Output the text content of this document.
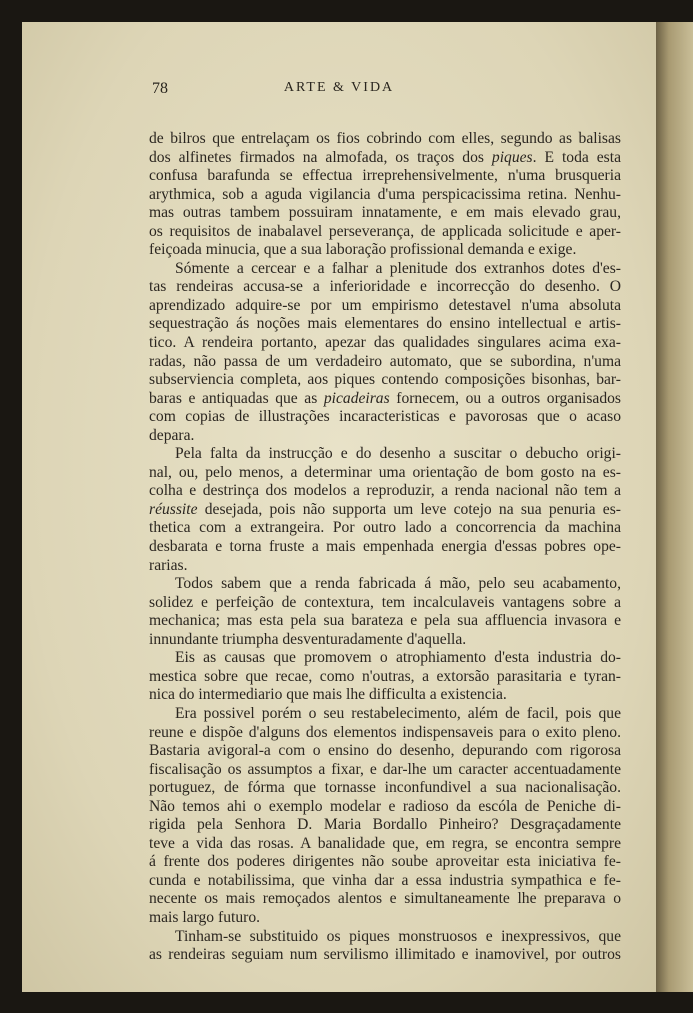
78	ARTE & VIDA
de bilros que entrelaçam os fios cobrindo com elles, segundo as balisas
dos alfinetes firmados na almofada, os traços dos piques. E toda esta
confusa barafunda se effectua irreprehensivelmente, n'uma brusqueria
arythmica, sob a aguda vigilancia d'uma perspicacissima retina. Nenhu-
mas outras tambem possuiram innatamente, e em mais elevado grau,
os requisitos de inabalavel perseverança, de applicada solicitude e aper-
feiçoada minucia, que a sua laboração profissional demanda e exige.
Sómente a cercear e a falhar a plenitude dos extranhos dotes d'es-
tas rendeiras accusa-se a inferioridade e incorrecção do desenho. O
aprendizado adquire-se por um empirismo detestavel n'uma absoluta
sequestração ás noções mais elementares do ensino intellectual e artis-
tico. A rendeira portanto, apezar das qualidades singulares acima exa-
radas, não passa de um verdadeiro automato, que se subordina, n'uma
subserviencia completa, aos piques contendo composições bisonhas, bar-
baras e antiquadas que as picadeiras fornecem, ou a outros organisados
com copias de illustrações incaracteristicas e pavorosas que o acaso
depara.
Pela falta da instrucção e do desenho a suscitar o debucho origi-
nal, ou, pelo menos, a determinar uma orientação de bom gosto na es-
colha e destrinça dos modelos a reproduzir, a renda nacional não tem a
réussite desejada, pois não supporta um leve cotejo na sua penuria es-
thetica com a extrangeira. Por outro lado a concorrencia da machina
desbarata e torna fruste a mais empenhada energia d'essas pobres ope-
rarias.
Todos sabem que a renda fabricada á mão, pelo seu acabamento,
solidez e perfeição de contextura, tem incalculaveis vantagens sobre a
mechanica; mas esta pela sua barateza e pela sua affluencia invasora e
innundante triumpha desventuradamente d'aquella.
Eis as causas que promovem o atrophiamento d'esta industria do-
mestica sobre que recae, como n'outras, a extorsão parasitaria e tyran-
nica do intermediario que mais lhe difficulta a existencia.
Era possivel porém o seu restabelecimento, além de facil, pois que
reune e dispõe d'alguns dos elementos indispensaveis para o exito pleno.
Bastaria avigoral-a com o ensino do desenho, depurando com rigorosa
fiscalisação os assumptos a fixar, e dar-lhe um caracter accentuadamente
portuguez, de fórma que tornasse inconfundivel a sua nacionalisação.
Não temos ahi o exemplo modelar e radioso da escóla de Peniche di-
rigida pela Senhora D. Maria Bordallo Pinheiro? Desgraçadamente
teve a vida das rosas. A banalidade que, em regra, se encontra sempre
á frente dos poderes dirigentes não soube aproveitar esta iniciativa fe-
cunda e notabilissima, que vinha dar a essa industria sympathica e fe-
necente os mais remoçados alentos e simultaneamente lhe preparava o
mais largo futuro.
Tinham-se substituido os piques monstruosos e inexpressivos, que
as rendeiras seguiam num servilismo illimitado e inamovivel, por outros
